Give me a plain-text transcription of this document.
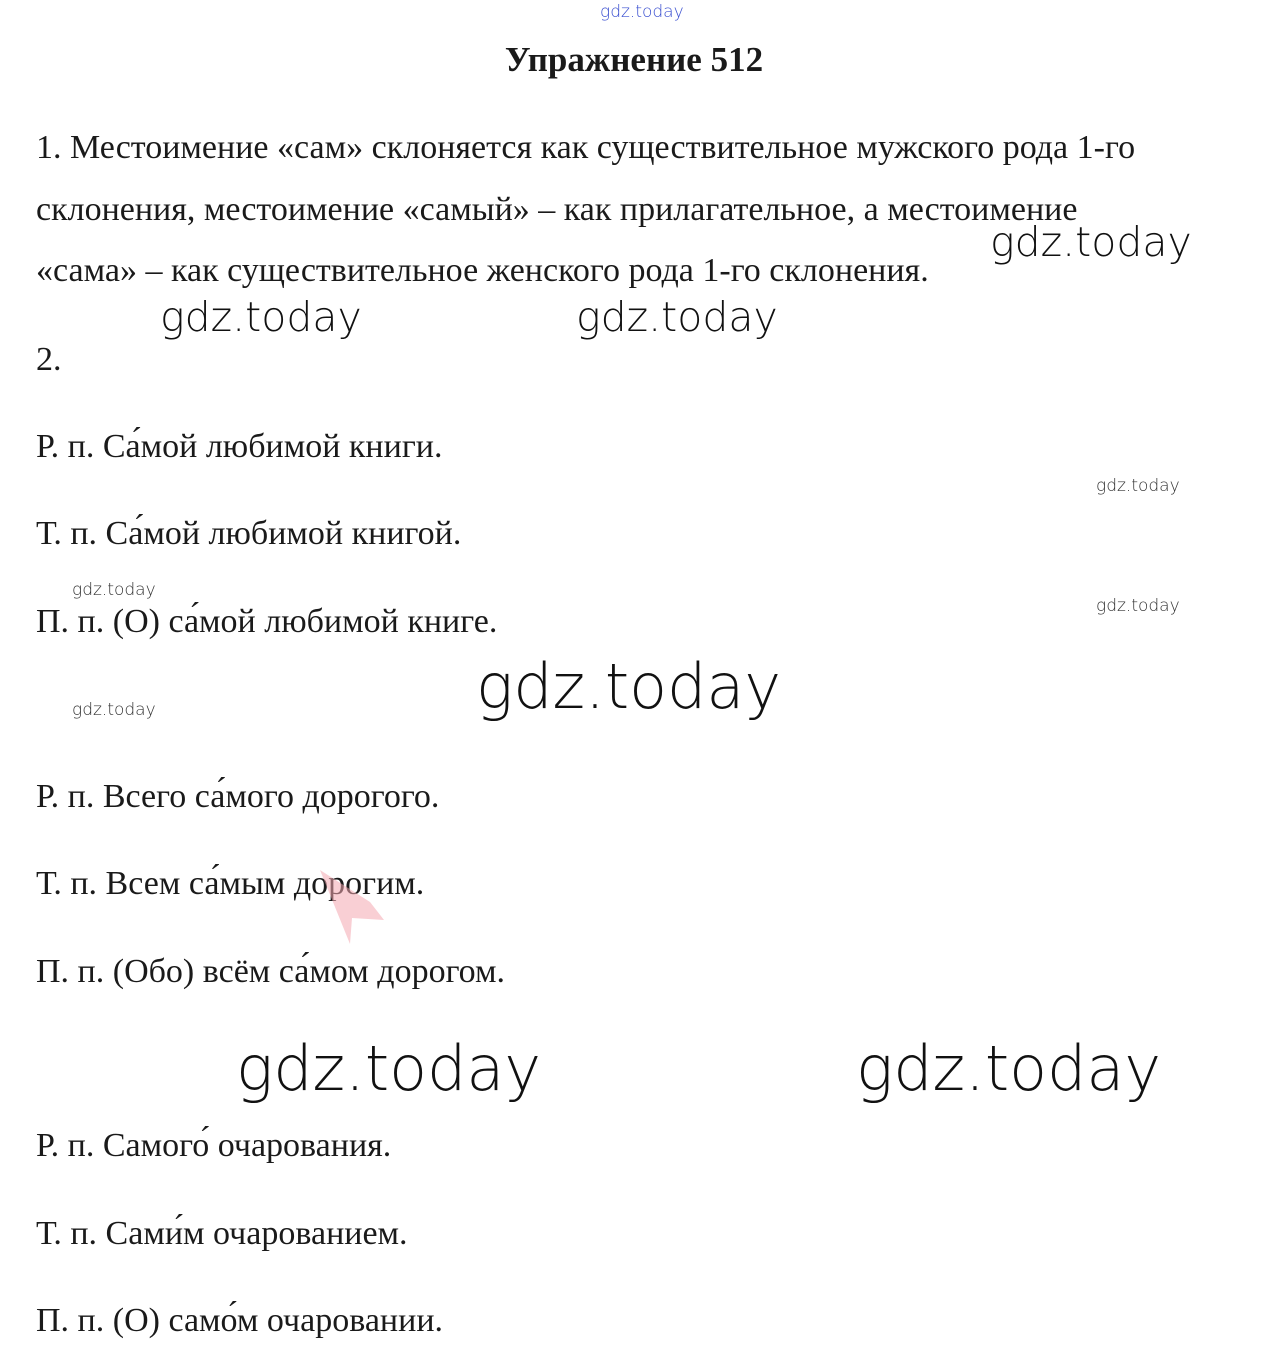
gdz.today
Упражнение 512
1. Местоимение «сам» склоняется как существительное мужского рода 1-го
склонения, местоимение «самый» – как прилагательное, а местоимение
«сама» – как существительное женского рода 1-го склонения.
2.
Р. п. Са́мой любимой книги.
Т. п. Са́мой любимой книгой.
П. п. (О) са́мой любимой книге.
Р. п. Всего са́мого дорогого.
Т. п. Всем са́мым дорогим.
П. п. (Обо) всём са́мом дорогом.
Р. п. Самого́ очарования.
Т. п. Сами́м очарованием.
П. п. (О) само́м очаровании.
gdz.today
gdz.today	gdz.today
gdz.today
gdz.today
gdz.today
gdz.today
gdz.today
gdz.today	gdz.today
